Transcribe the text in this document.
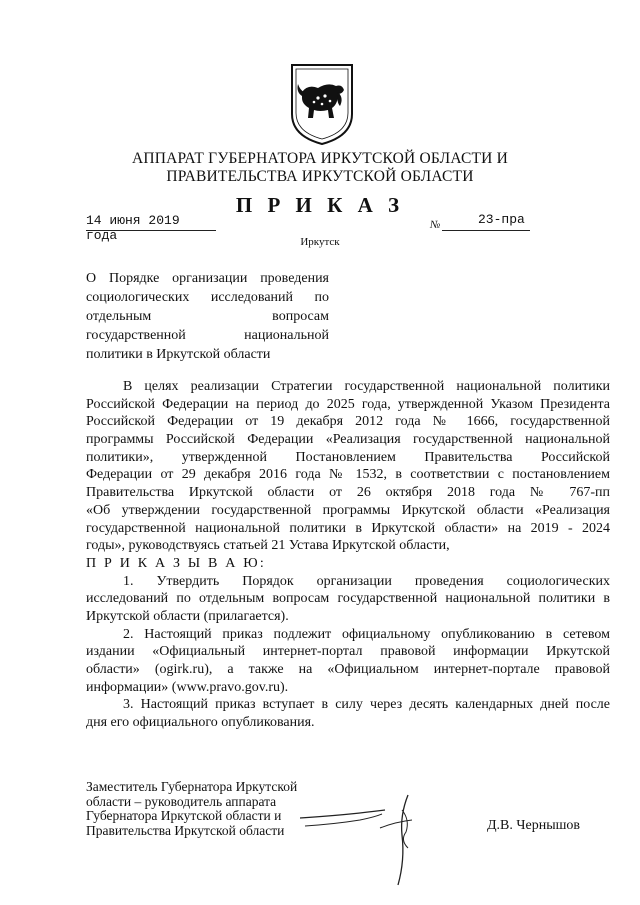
АППАРАТ ГУБЕРНАТОРА ИРКУТСКОЙ ОБЛАСТИ И
ПРАВИТЕЛЬСТВА ИРКУТСКОЙ ОБЛАСТИ
П Р И К А З
14 июня 2019 года
№	23-пра
Иркутск
О Порядке организации проведения
социологических исследований по
отдельным вопросам
государственной национальной
политики в Иркутской области
В целях реализации Стратегии государственной национальной политики
Российской Федерации на период до 2025 года, утвержденной Указом Президента
Российской Федерации от 19 декабря 2012 года № 1666, государственной
программы Российской Федерации «Реализация государственной национальной
политики», утвержденной Постановлением Правительства Российской
Федерации от 29 декабря 2016 года № 1532, в соответствии с постановлением
Правительства Иркутской области от 26 октября 2018 года № 767-пп
«Об утверждении государственной программы Иркутской области «Реализация
государственной национальной политики в Иркутской области» на 2019 - 2024
годы», руководствуясь статьей 21 Устава Иркутской области,
П Р И К А З Ы В А Ю:
1. Утвердить Порядок организации проведения социологических
исследований по отдельным вопросам государственной национальной политики в
Иркутской области (прилагается).
2. Настоящий приказ подлежит официальному опубликованию в сетевом
издании «Официальный интернет-портал правовой информации Иркутской
области» (ogirk.ru), а также на «Официальном интернет-портале правовой
информации» (www.pravo.gov.ru).
3. Настоящий приказ вступает в силу через десять календарных дней после
дня его официального опубликования.
Заместитель Губернатора Иркутской
области – руководитель аппарата
Губернатора Иркутской области и
Правительства Иркутской области	Д.В. Чернышов
